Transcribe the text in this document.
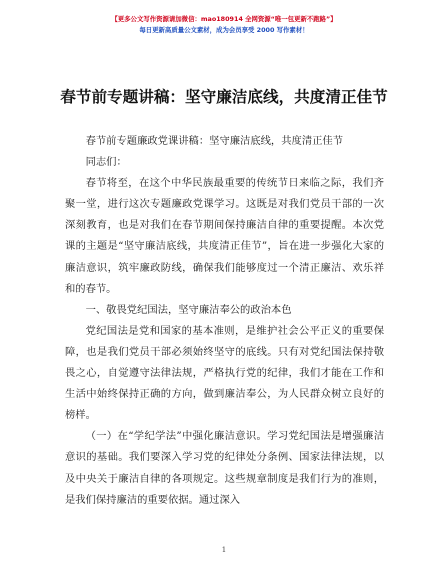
【更多公文写作资源请加微信：mao180914 全网资源“唯一包更新不跑路”】
每日更新高质量公文素材，成为会员享受 2000 写作素材！
春节前专题讲稿：坚守廉洁底线，共度清正佳节

春节前专题廉政党课讲稿：坚守廉洁底线，共度清正佳节

同志们：

春节将至，在这个中华民族最重要的传统节日来临之际，我们齐聚一堂，进行这次专题廉政党课学习。这既是对我们党员干部的一次深刻教育，也是对我们在春节期间保持廉洁自律的重要提醒。本次党课的主题是“坚守廉洁底线，共度清正佳节”，旨在进一步强化大家的廉洁意识，筑牢廉政防线，确保我们能够度过一个清正廉洁、欢乐祥和的春节。

一、敬畏党纪国法，坚守廉洁奉公的政治本色

党纪国法是党和国家的基本准则，是维护社会公平正义的重要保障，也是我们党员干部必须始终坚守的底线。只有对党纪国法保持敬畏之心，自觉遵守法律法规，严格执行党的纪律，我们才能在工作和生活中始终保持正确的方向，做到廉洁奉公，为人民群众树立良好的榜样。

（一）在“学纪学法”中强化廉洁意识。学习党纪国法是增强廉洁意识的基础。我们要深入学习党的纪律处分条例、国家法律法规，以及中央关于廉洁自律的各项规定。这些规章制度是我们行为的准则，是我们保持廉洁的重要依据。通过深入

1
